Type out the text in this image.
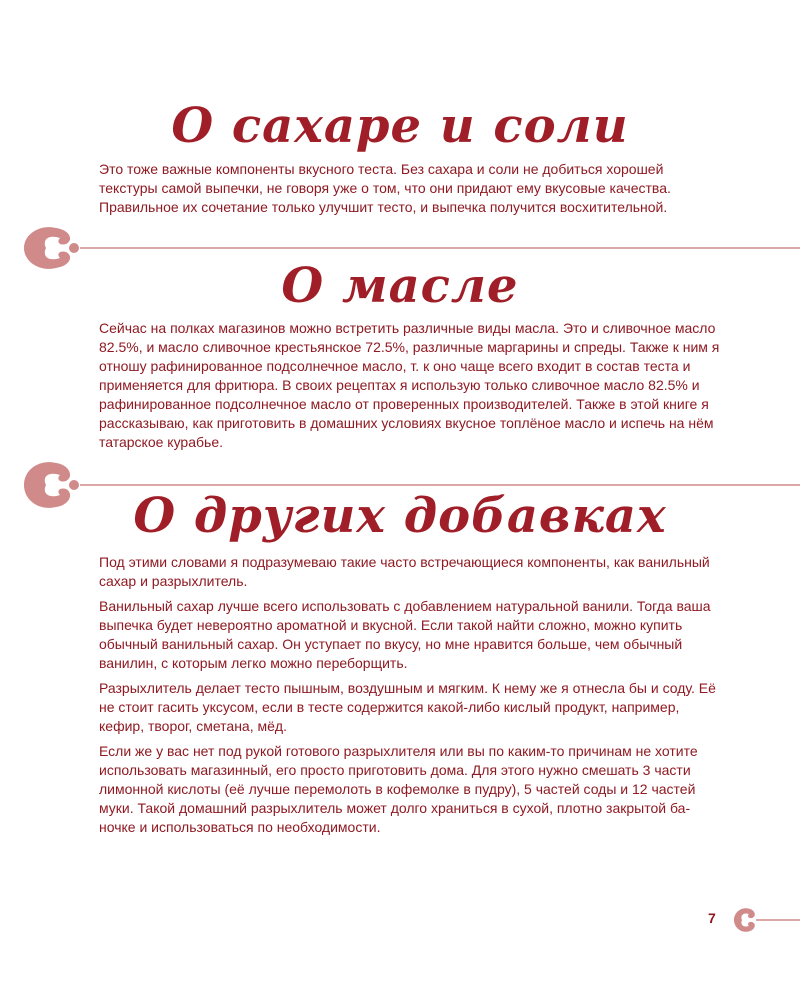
О сахаре и соли

Это тоже важные компоненты вкусного теста. Без сахара и соли не добиться хорошей текстуры самой выпечки, не говоря уже о том, что они придают ему вкусовые качества. Правильное их сочетание только улучшит тесто, и выпечка получится восхитительной.

О масле

Сейчас на полках магазинов можно встретить различные виды масла. Это и сливочное масло 82.5%, и масло сливочное крестьянское 72.5%, различные маргарины и спреды. Также к ним я отношу рафинированное подсолнечное масло, т. к оно чаще всего входит в состав теста и применяется для фритюра. В своих рецептах я использую только сливочное масло 82.5% и рафинированное подсолнечное масло от проверенных производителей. Также в этой книге я рассказываю, как приготовить в домашних условиях вкусное топлёное масло и испечь на нём татарское курабье.

О других добавках

Под этими словами я подразумеваю такие часто встречающиеся компоненты, как ванильный сахар и разрыхлитель.

Ванильный сахар лучше всего использовать с добавлением натуральной ванили. Тогда ваша выпечка будет невероятно ароматной и вкусной. Если такой найти сложно, можно купить обычный ванильный сахар. Он уступает по вкусу, но мне нравится больше, чем обычный ванилин, с которым легко можно переборщить.

Разрыхлитель делает тесто пышным, воздушным и мягким. К нему же я отнесла бы и соду. Её не стоит гасить уксусом, если в тесте содержится какой-либо кислый продукт, например, кефир, творог, сметана, мёд.

Если же у вас нет под рукой готового разрыхлителя или вы по каким-то причинам не хотите использовать магазинный, его просто приготовить дома. Для этого нужно смешать 3 части лимонной кислоты (её лучше перемолоть в кофемолке в пудру), 5 частей соды и 12 частей муки. Такой домашний разрыхлитель может долго храниться в сухой, плотно закрытой баночке и использоваться по необходимости.

7
